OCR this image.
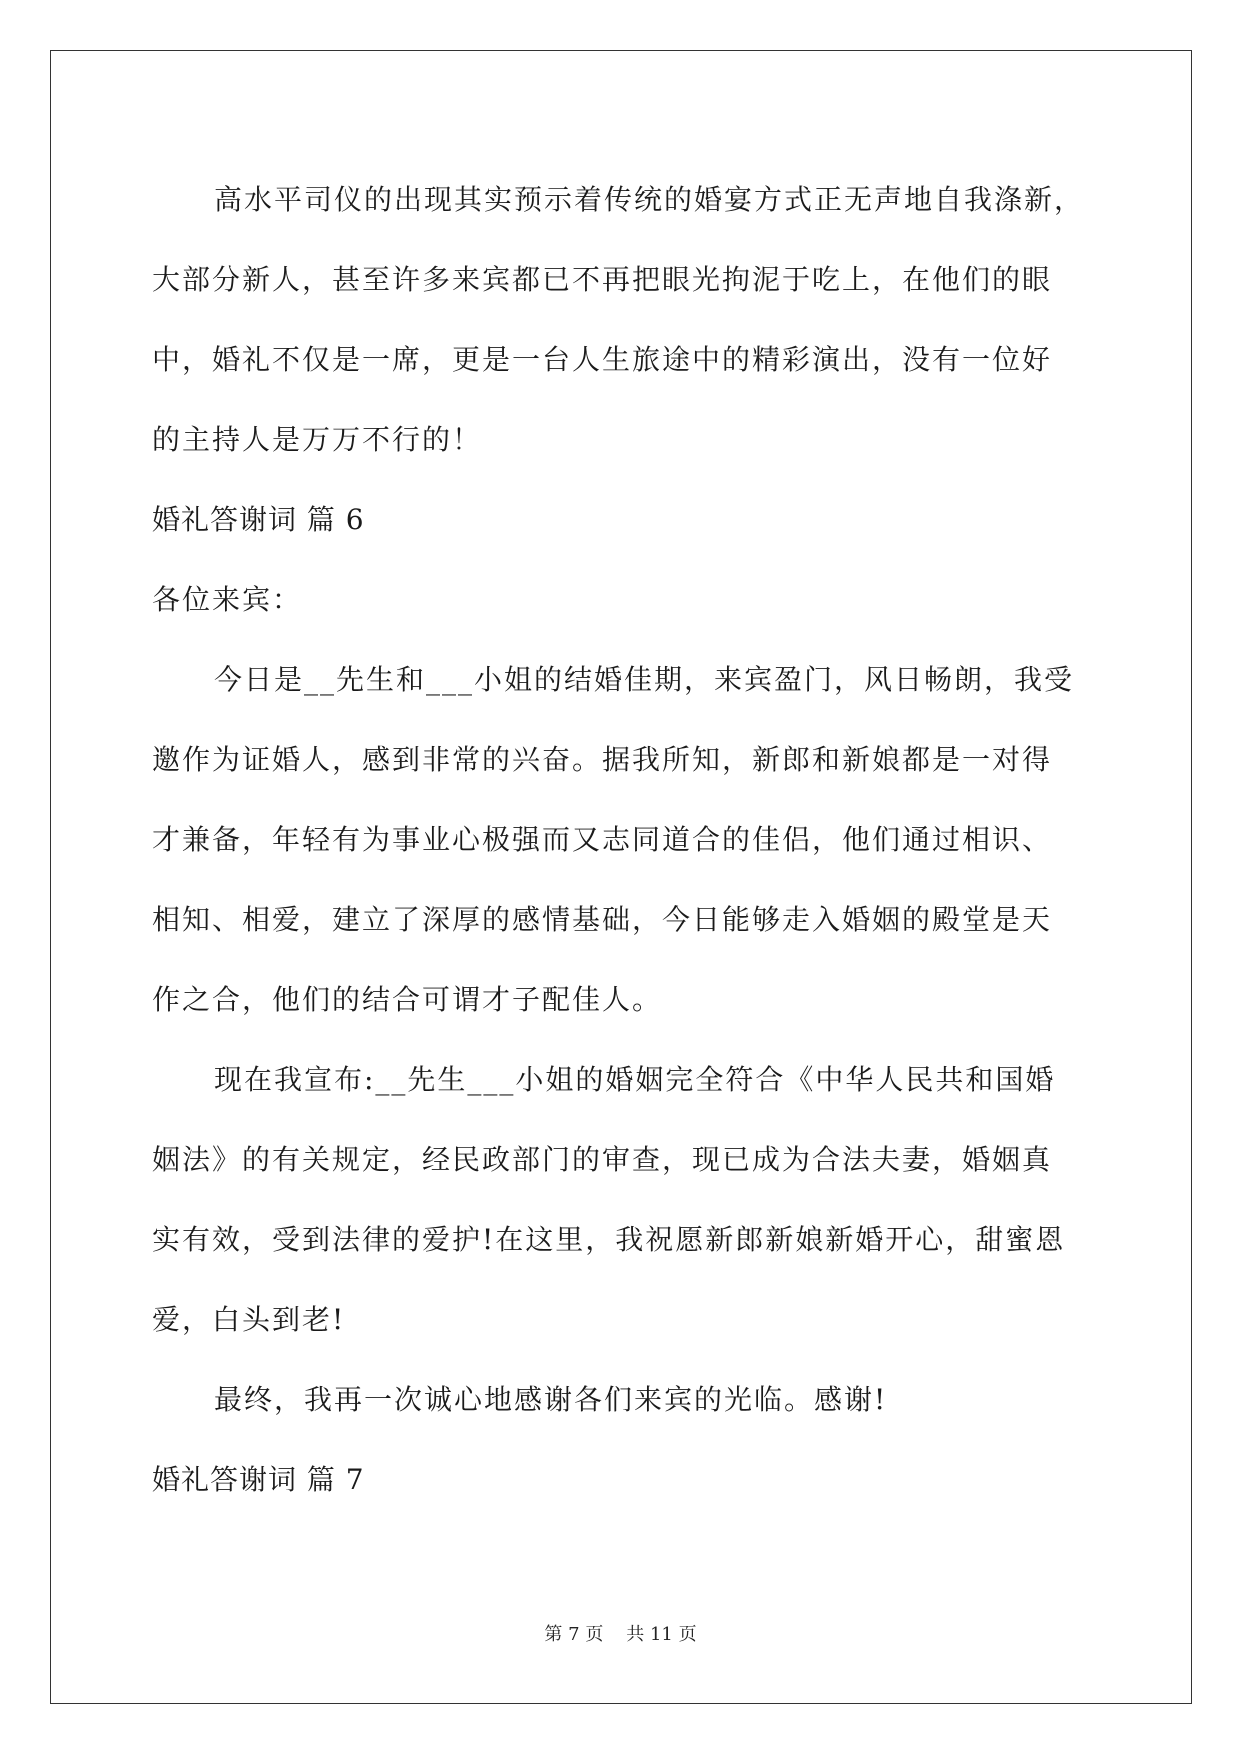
高水平司仪的出现其实预示着传统的婚宴方式正无声地自我涤新，
大部分新人，甚至许多来宾都已不再把眼光拘泥于吃上，在他们的眼
中，婚礼不仅是一席，更是一台人生旅途中的精彩演出，没有一位好
的主持人是万万不行的！
婚礼答谢词 篇 6
各位来宾：
今日是__先生和___小姐的结婚佳期，来宾盈门，风日畅朗，我受
邀作为证婚人，感到非常的兴奋。据我所知，新郎和新娘都是一对得
才兼备，年轻有为事业心极强而又志同道合的佳侣，他们通过相识、
相知、相爱，建立了深厚的感情基础，今日能够走入婚姻的殿堂是天
作之合，他们的结合可谓才子配佳人。
现在我宣布:__先生___小姐的婚姻完全符合《中华人民共和国婚
姻法》的有关规定，经民政部门的审查，现已成为合法夫妻，婚姻真
实有效，受到法律的爱护!在这里，我祝愿新郎新娘新婚开心，甜蜜恩
爱，白头到老!
最终，我再一次诚心地感谢各们来宾的光临。感谢!
婚礼答谢词 篇 7
第 7 页 共 11 页
